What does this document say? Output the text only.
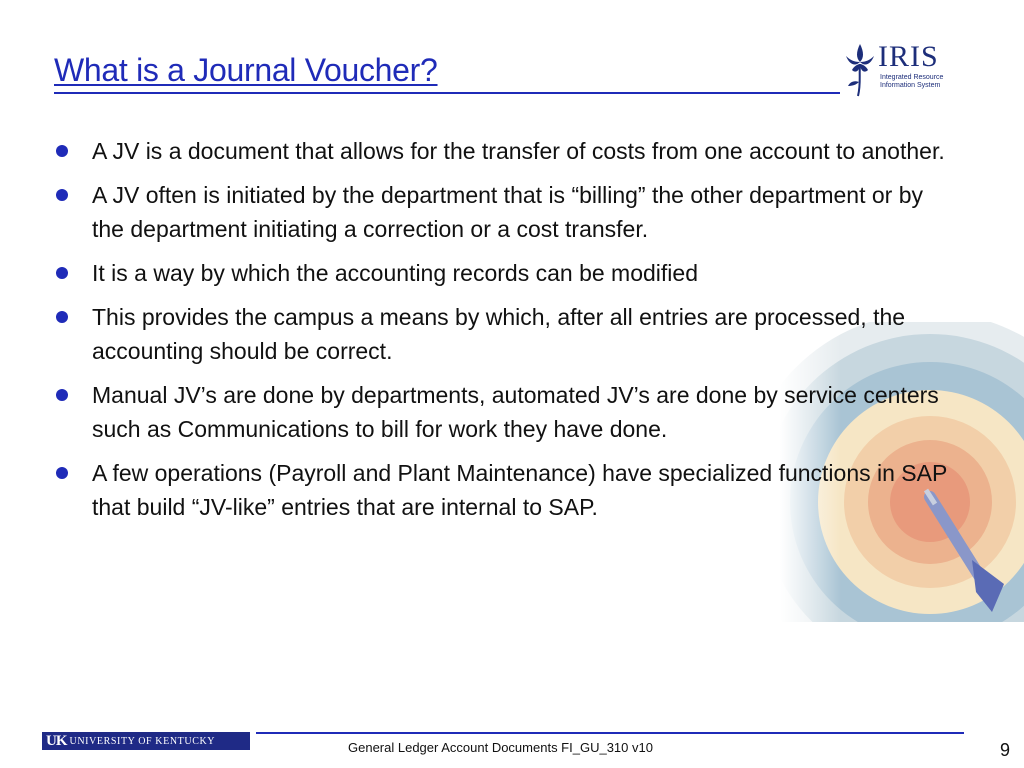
What is a Journal Voucher?	IRIS
Integrated Resource
Information System
A JV is a document that allows for the transfer of costs from one account to another.
A JV often is initiated by the department that is “billing” the other department or by the department initiating a correction or a cost transfer.
It is a way by which the accounting records can be modified
This provides the campus a means by which, after all entries are processed, the accounting should be correct.
Manual JV’s are done by departments, automated JV’s are done by service centers such as Communications to bill for work they have done.
A few operations (Payroll and Plant Maintenance) have specialized functions in SAP that build “JV-like” entries that are internal to SAP.
UK UNIVERSITY OF KENTUCKY	General Ledger Account Documents FI_GU_310 v10	9
